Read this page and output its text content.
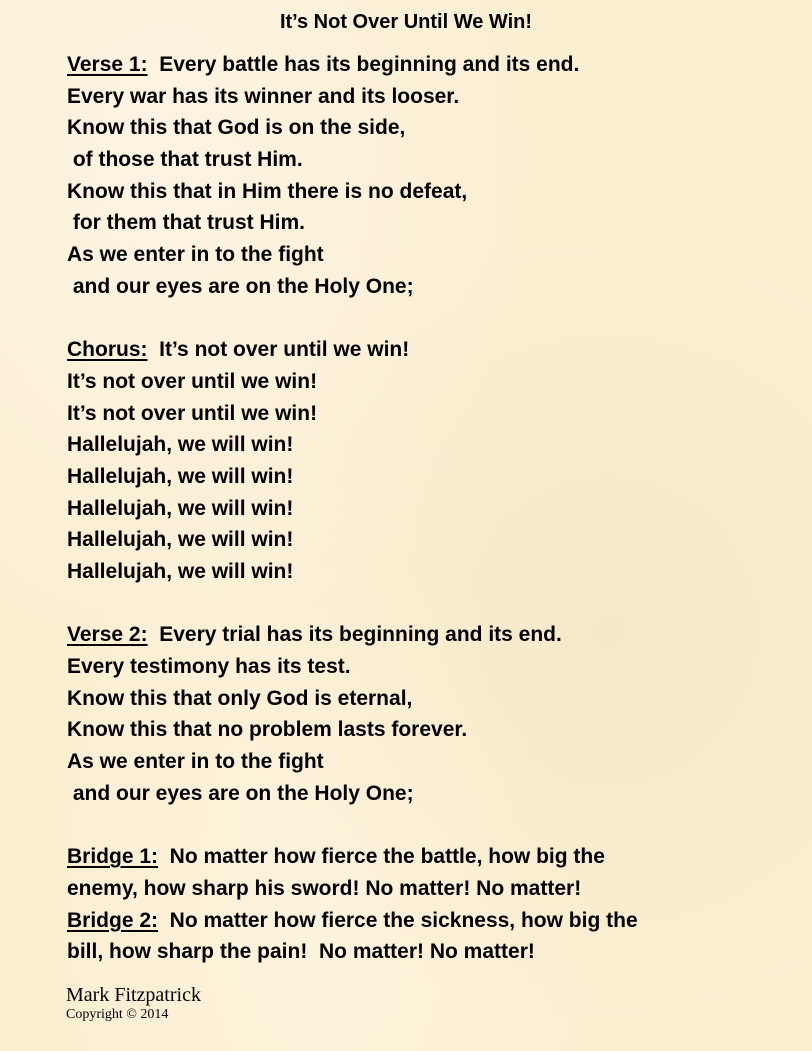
It’s Not Over Until We Win!
Verse 1:  Every battle has its beginning and its end.
Every war has its winner and its looser.
Know this that God is on the side,
of those that trust Him.
Know this that in Him there is no defeat,
for them that trust Him.
As we enter in to the fight
and our eyes are on the Holy One;
Chorus:  It’s not over until we win!
It’s not over until we win!
It’s not over until we win!
Hallelujah, we will win!
Hallelujah, we will win!
Hallelujah, we will win!
Hallelujah, we will win!
Hallelujah, we will win!
Verse 2:  Every trial has its beginning and its end.
Every testimony has its test.
Know this that only God is eternal,
Know this that no problem lasts forever.
As we enter in to the fight
and our eyes are on the Holy One;
Bridge 1:  No matter how fierce the battle, how big the
enemy, how sharp his sword! No matter! No matter!
Bridge 2:  No matter how fierce the sickness, how big the
bill, how sharp the pain!  No matter! No matter!
Mark Fitzpatrick
Copyright © 2014
